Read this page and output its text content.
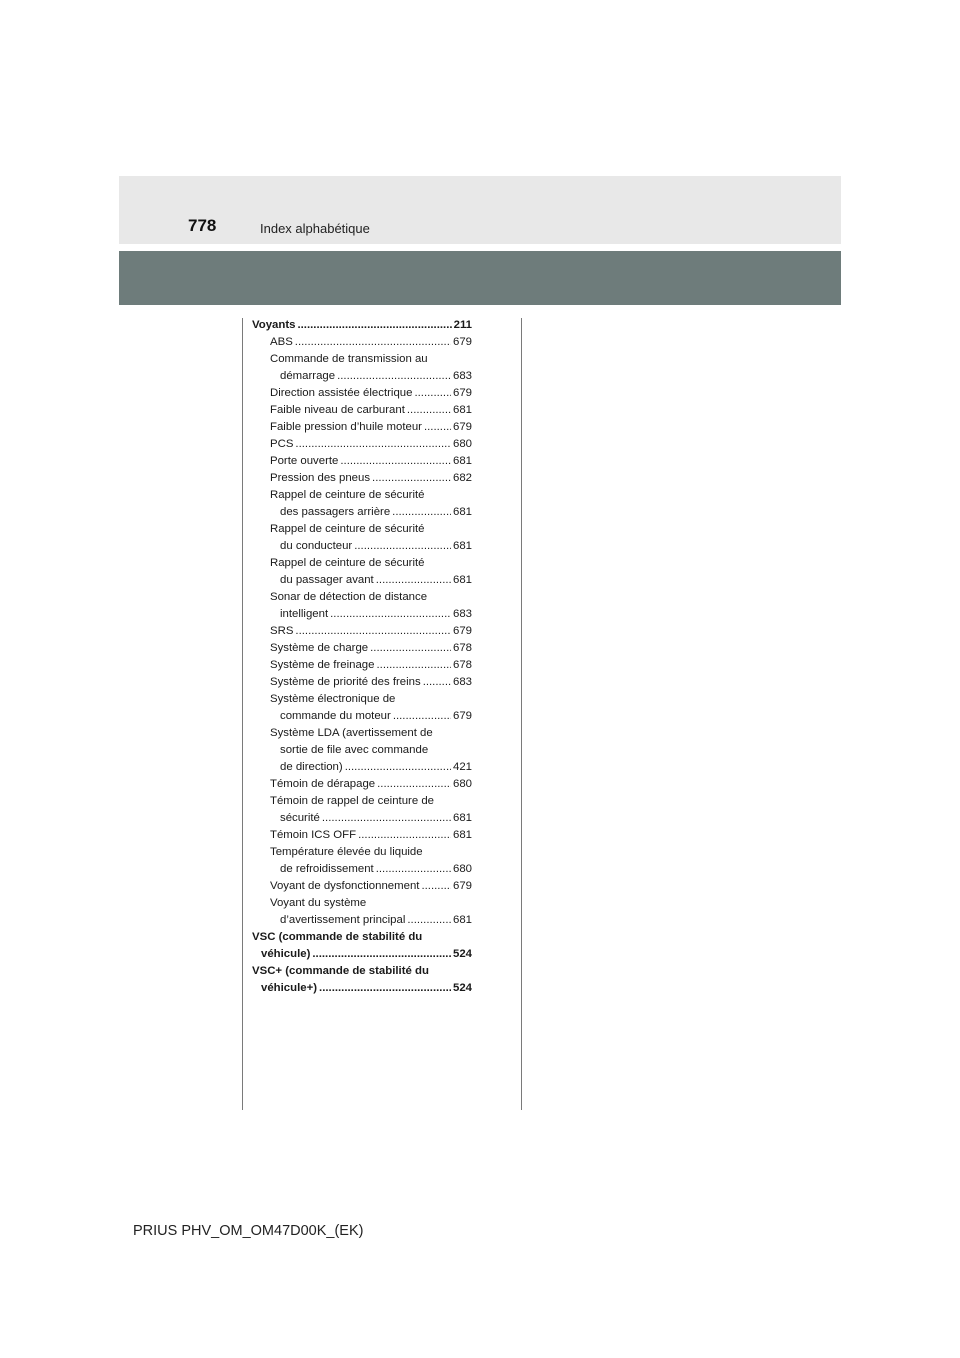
778	Index alphabétique
Voyants .....	211
ABS .....	679
Commande de transmission au
démarrage .....	683
Direction assistée électrique .....	679
Faible niveau de carburant .....	681
Faible pression d’huile moteur .....	679
PCS .....	680
Porte ouverte .....	681
Pression des pneus .....	682
Rappel de ceinture de sécurité
des passagers arrière .....	681
Rappel de ceinture de sécurité
du conducteur .....	681
Rappel de ceinture de sécurité
du passager avant .....	681
Sonar de détection de distance
intelligent .....	683
SRS .....	679
Système de charge .....	678
Système de freinage .....	678
Système de priorité des freins .....	683
Système électronique de
commande du moteur .....	679
Système LDA (avertissement de
sortie de file avec commande
de direction) .....	421
Témoin de dérapage .....	680
Témoin de rappel de ceinture de
sécurité .....	681
Témoin ICS OFF .....	681
Température élevée du liquide
de refroidissement .....	680
Voyant de dysfonctionnement .....	679
Voyant du système
d’avertissement principal .....	681
VSC (commande de stabilité du
véhicule) .....	524
VSC+ (commande de stabilité du
véhicule+) .....	524
PRIUS PHV_OM_OM47D00K_(EK)
